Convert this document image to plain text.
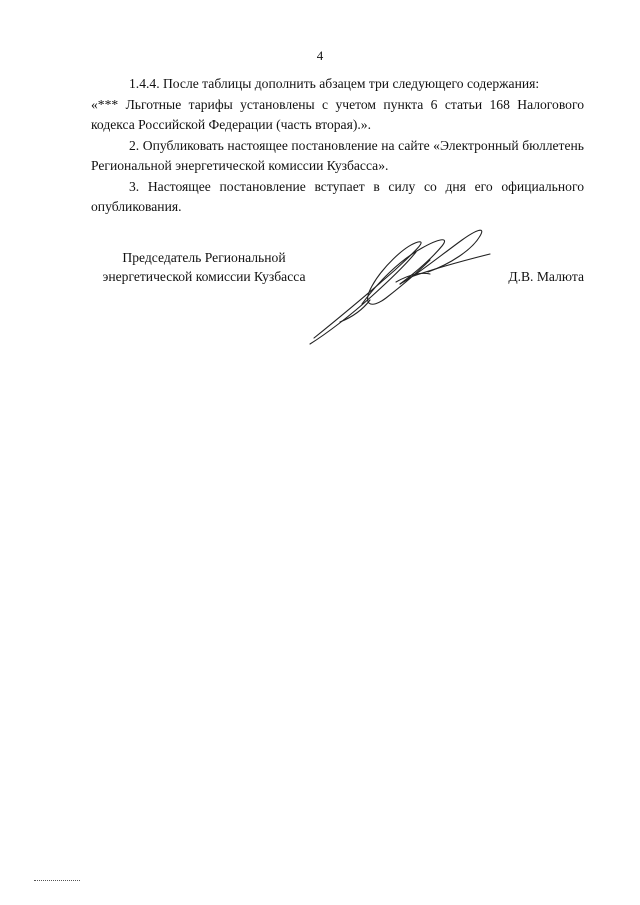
4

1.4.4. После таблицы дополнить абзацем три следующего содержания:

«*** Льготные тарифы установлены с учетом пункта 6 статьи 168 Налогового кодекса Российской Федерации (часть вторая).».

2. Опубликовать настоящее постановление на сайте «Электронный бюллетень Региональной энергетической комиссии Кузбасса».

3. Настоящее постановление вступает в силу со дня его официального опубликования.

Председатель Региональной
энергетической комиссии Кузбасса	Д.В. Малюта
